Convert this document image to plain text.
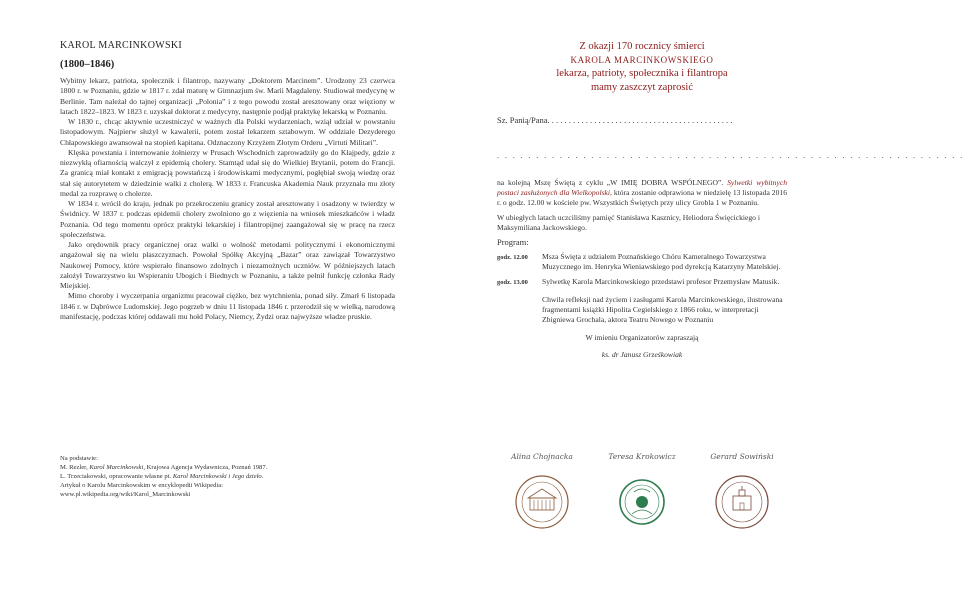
KAROL MARCINKOWSKI
(1800–1846)

Wybitny lekarz, patriota, społecznik i filantrop, nazywany „Doktorem Marcinem”. Urodzony 23 czerwca 1800 r. w Poznaniu, gdzie w 1817 r. zdał maturę w Gimnazjum św. Marii Magdaleny. Studiował medycynę w Berlinie. Tam należał do tajnej organizacji „Polonia” i z tego powodu został aresztowany oraz więziony w latach 1822–1823. W 1823 r. uzyskał doktorat z medycyny, następnie podjął praktykę lekarską w Poznaniu.

W 1830 r., chcąc aktywnie uczestniczyć w ważnych dla Polski wydarzeniach, wziął udział w powstaniu listopadowym. Najpierw służył w kawalerii, potem został lekarzem sztabowym. W oddziale Dezyderego Chłapowskiego awansował na stopień kapitana. Odznaczony Krzyżem Złotym Orderu „Virtuti Militari”.

Klęska powstania i internowanie żołnierzy w Prusach Wschodnich zaprowadziły go do Kłajpedy, gdzie z niezwykłą ofiarnością walczył z epidemią cholery. Stamtąd udał się do Wielkiej Brytanii, potem do Francji. Za granicą miał kontakt z emigracją powstańczą i środowiskami medycznymi, pogłębiał swoją wiedzę oraz stał się autorytetem w dziedzinie walki z cholerą. W 1833 r. Francuska Akademia Nauk przyznała mu złoty medal za rozprawę o cholerze.

W 1834 r. wrócił do kraju, jednak po przekroczeniu granicy został aresztowany i osadzony w twierdzy w Świdnicy. W 1837 r. podczas epidemii cholery zwolniono go z więzienia na wniosek mieszkańców i władz Poznania. Od tego momentu oprócz praktyki lekarskiej i filantropijnej zaangażował się w pracę na rzecz społeczeństwa.

Jako orędownik pracy organicznej oraz walki o wolność metodami politycznymi i ekonomicznymi angażował się na wielu płaszczyznach. Powołał Spółkę Akcyjną „Bazar” oraz zawiązał Towarzystwo Naukowej Pomocy, które wspierało finansowo zdolnych i niezamożnych uczniów. W późniejszych latach założył Towarzystwo ku Wspieraniu Ubogich i Biednych w Poznaniu, a także pełnił funkcję członka Rady Miejskiej.

Mimo choroby i wyczerpania organizmu pracował ciężko, bez wytchnienia, ponad siły. Zmarł 6 listopada 1846 r. w Dąbrówce Ludomskiej. Jego pogrzeb w dniu 11 listopada 1846 r. przerodził się w wielką, narodową manifestację, podczas której oddawali mu hołd Polacy, Niemcy, Żydzi oraz najwyższe władze pruskie.

Na podstawie:
M. Rezler, Karol Marcinkowski, Krajowa Agencja Wydawnicza, Poznań 1987.
L. Trzeciakowski, opracowanie własne pt. Karol Marcinkowski i Jego dzieło.
Artykuł o Karolu Marcinkowskim w encyklopedii Wikipedia:
www.pl.wikipedia.org/wiki/Karol_Marcinkowski
Z okazji 170 rocznicy śmierci
KAROLA MARCINKOWSKIEGO
lekarza, patrioty, społecznika i filantropa
mamy zaszczyt zaprosić
Sz. Panią/Pana. . . . . . . . . . . . . . . . . . . . . . . . . . . . . . . . . . . . . . . . . . . .
. . . . . . . . . . . . . . . . . . . . . . . . . . . . . . . . . . . . . . . . . . . . . . . . . . . . . . . . . . . .
na kolejną Mszę Świętą z cyklu „W IMIĘ DOBRA WSPÓLNEGO”. Sylwetki wybitnych postaci zasłużonych dla Wielkopolski, która zostanie odprawiona w niedzielę 13 listopada 2016 r. o godz. 12.00 w kościele pw. Wszystkich Świętych przy ulicy Grobla 1 w Poznaniu.
W ubiegłych latach uczciliśmy pamięć Stanisława Kasznicy, Heliodora Święcickiego i Maksymiliana Jackowskiego.
Program:
godz. 12.00	Msza Święta z udziałem Poznańskiego Chóru Kameralnego Towarzystwa Muzycznego im. Henryka Wieniawskiego pod dyrekcją Katarzyny Matelskiej.
godz. 13.00	Sylwetkę Karola Marcinkowskiego przedstawi profesor Przemysław Matusik.
Chwila refleksji nad życiem i zasługami Karola Marcinkowskiego, ilustrowana fragmentami książki Hipolita Cegielskiego z 1866 roku, w interpretacji Zbigniewa Grochala, aktora Teatru Nowego w Poznaniu
W imieniu Organizatorów zapraszają
ks. dr Janusz Grześkowiak
Alina Chojnacka	Teresa Krokowicz	Gerard Sowiński
